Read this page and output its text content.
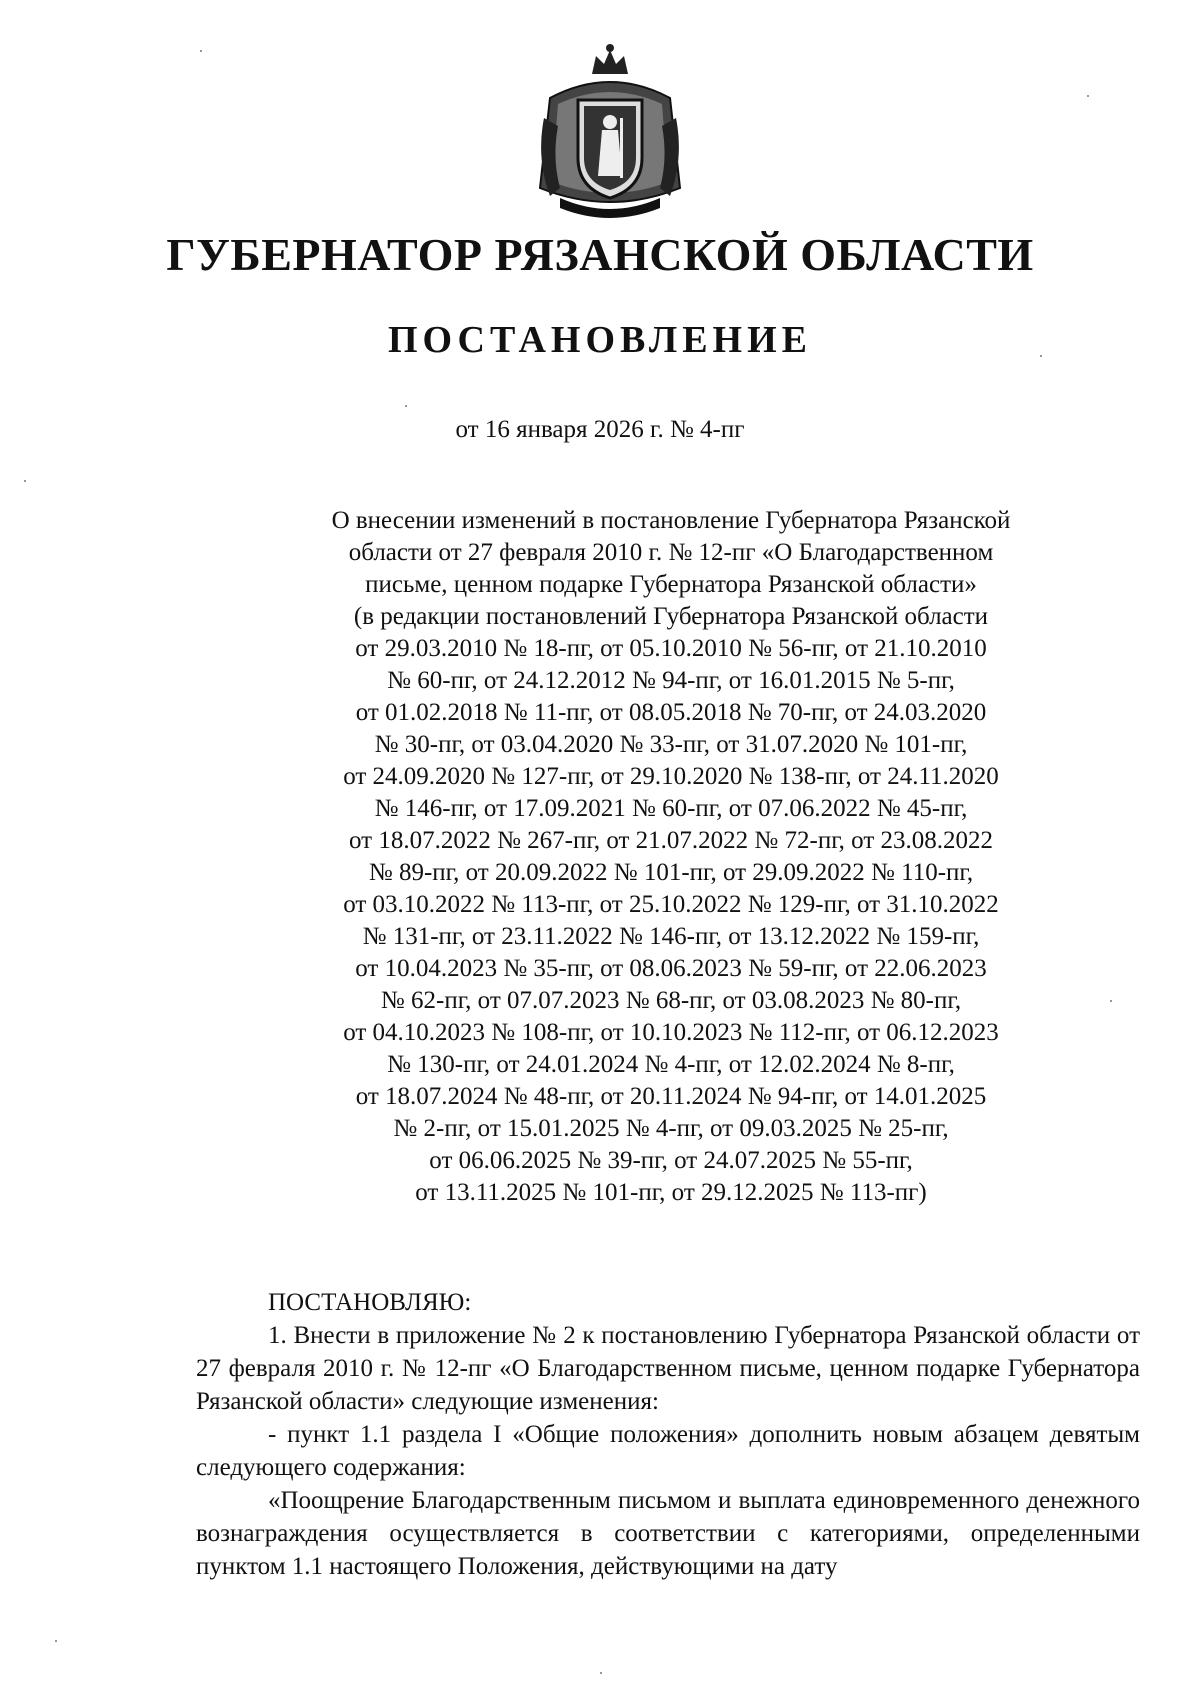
ГУБЕРНАТОР РЯЗАНСКОЙ ОБЛАСТИ
ПОСТАНОВЛЕНИЕ
от 16 января 2026 г. № 4-пг
О внесении изменений в постановление Губернатора Рязанской
области от 27 февраля 2010 г. № 12-пг «О Благодарственном
письме, ценном подарке Губернатора Рязанской области»
(в редакции постановлений Губернатора Рязанской области
от 29.03.2010 № 18-пг, от 05.10.2010 № 56-пг, от 21.10.2010
№ 60-пг, от 24.12.2012 № 94-пг, от 16.01.2015 № 5-пг,
от 01.02.2018 № 11-пг, от 08.05.2018 № 70-пг, от 24.03.2020
№ 30-пг, от 03.04.2020 № 33-пг, от 31.07.2020 № 101-пг,
от 24.09.2020 № 127-пг, от 29.10.2020 № 138-пг, от 24.11.2020
№ 146-пг, от 17.09.2021 № 60-пг, от 07.06.2022 № 45-пг,
от 18.07.2022 № 267-пг, от 21.07.2022 № 72-пг, от 23.08.2022
№ 89-пг, от 20.09.2022 № 101-пг, от 29.09.2022 № 110-пг,
от 03.10.2022 № 113-пг, от 25.10.2022 № 129-пг, от 31.10.2022
№ 131-пг, от 23.11.2022 № 146-пг, от 13.12.2022 № 159-пг,
от 10.04.2023 № 35-пг, от 08.06.2023 № 59-пг, от 22.06.2023
№ 62-пг, от 07.07.2023 № 68-пг, от 03.08.2023 № 80-пг,
от 04.10.2023 № 108-пг, от 10.10.2023 № 112-пг, от 06.12.2023
№ 130-пг, от 24.01.2024 № 4-пг, от 12.02.2024 № 8-пг,
от 18.07.2024 № 48-пг, от 20.11.2024 № 94-пг, от 14.01.2025
№ 2-пг, от 15.01.2025 № 4-пг, от 09.03.2025 № 25-пг,
от 06.06.2025 № 39-пг, от 24.07.2025 № 55-пг,
от 13.11.2025 № 101-пг, от 29.12.2025 № 113-пг)

ПОСТАНОВЛЯЮ:

1. Внести в приложение № 2 к постановлению Губернатора Рязанской области от 27 февраля 2010 г. № 12-пг «О Благодарственном письме, ценном подарке Губернатора Рязанской области» следующие изменения:

- пункт 1.1 раздела I «Общие положения» дополнить новым абзацем девятым следующего содержания:

«Поощрение Благодарственным письмом и выплата единовременного денежного вознаграждения осуществляется в соответствии с категориями, определенными пунктом 1.1 настоящего Положения, действующими на дату
